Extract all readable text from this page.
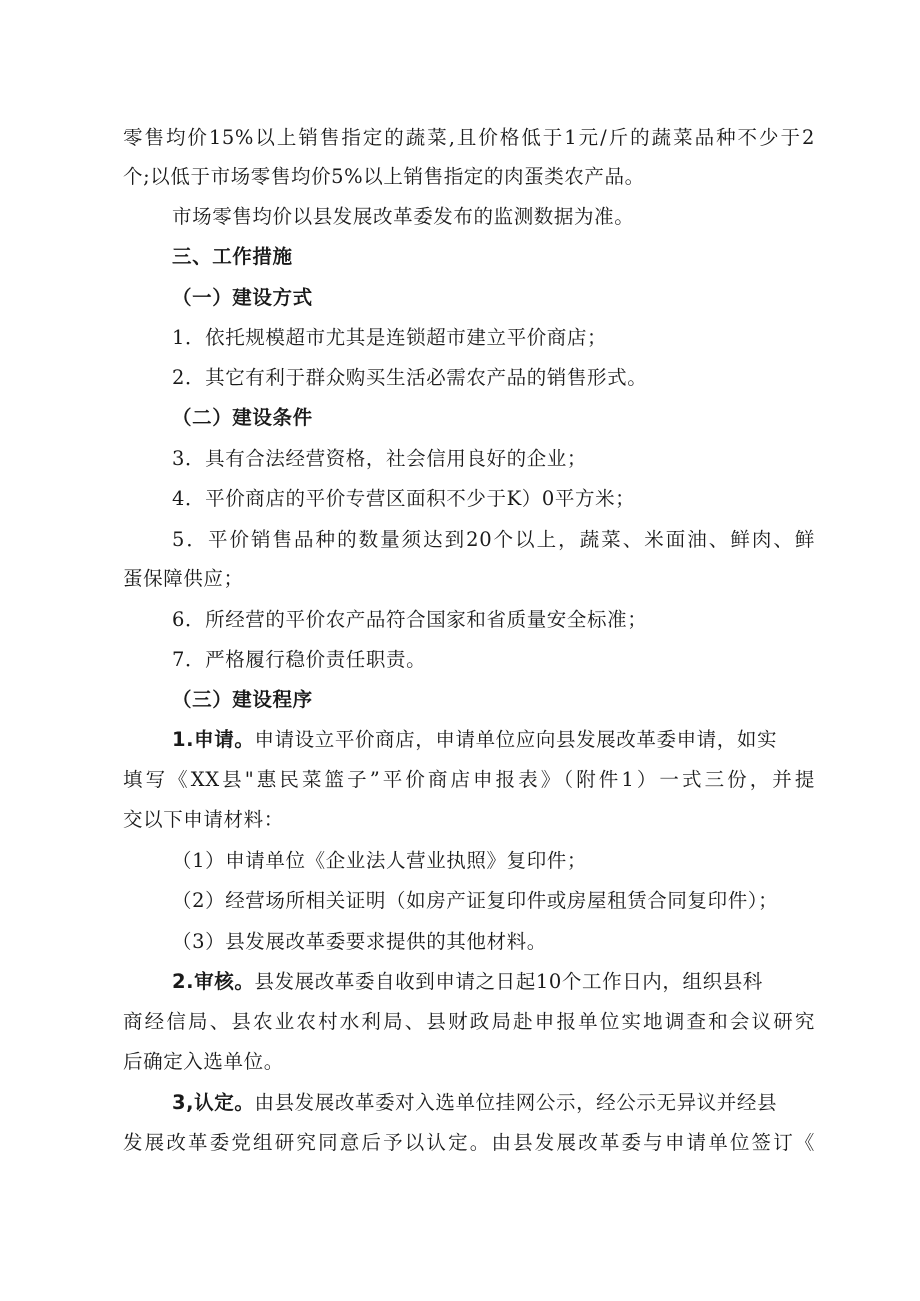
零售均价15%以上销售指定的蔬菜,且价格低于1元/斤的蔬菜品种不少于2

个;以低于市场零售均价5%以上销售指定的肉蛋类农产品。

市场零售均价以县发展改革委发布的监测数据为准。

三、工作措施

（一）建设方式

1．依托规模超市尤其是连锁超市建立平价商店；

2．其它有利于群众购买生活必需农产品的销售形式。

（二）建设条件

3．具有合法经营资格，社会信用良好的企业；

4．平价商店的平价专营区面积不少于K）0平方米；

5．平价销售品种的数量须达到20个以上，蔬菜、米面油、鲜肉、鲜

蛋保障供应；

6．所经营的平价农产品符合国家和省质量安全标准；

7．严格履行稳价责任职责。

（三）建设程序

1.申请。申请设立平价商店，申请单位应向县发展改革委申请，如实

填写《XX县"惠民菜篮子”平价商店申报表》（附件1）一式三份，并提

交以下申请材料：

（1）申请单位《企业法人营业执照》复印件；

（2）经营场所相关证明（如房产证复印件或房屋租赁合同复印件）；

（3）县发展改革委要求提供的其他材料。

2.审核。县发展改革委自收到申请之日起10个工作日内，组织县科

商经信局、县农业农村水利局、县财政局赴申报单位实地调查和会议研究

后确定入选单位。

3,认定。由县发展改革委对入选单位挂网公示，经公示无异议并经县

发展改革委党组研究同意后予以认定。由县发展改革委与申请单位签订《
